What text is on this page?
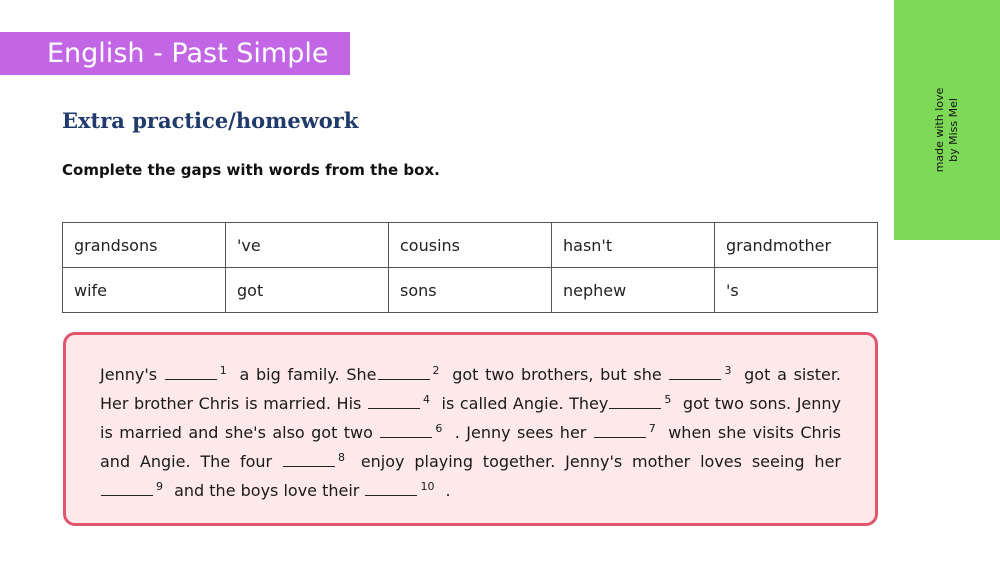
English - Past Simple
made with love by Miss Mel
Extra practice/homework
Complete the gaps with words from the box.
grandsons	've	cousins	hasn't	grandmother
wife	got	sons	nephew	's

Jenny's	$^1$ a big family. She	$^2$ got two brothers, but she	$^3$ got a sister. Her brother Chris is married. His	$^4$ is called Angie. They	$^5$ got two sons. Jenny is married and she's also got two	$^6$ . Jenny sees her	$^7$ when she visits Chris and Angie. The four	$^8$ enjoy playing together. Jenny's mother loves seeing her $^9$ and the boys love their	$^{10}$ .
